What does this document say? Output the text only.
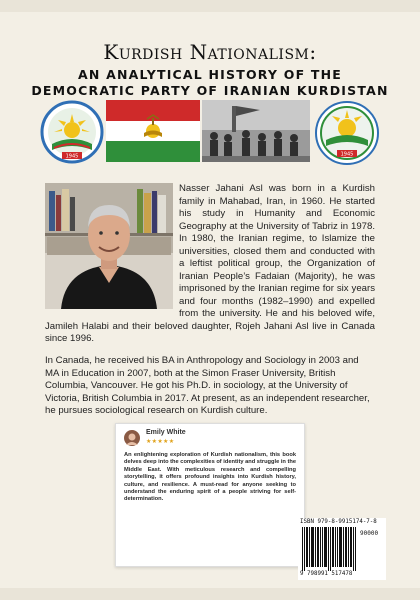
Kurdish Nationalism:
AN ANALYTICAL HISTORY OF THE
DEMOCRATIC PARTY OF IRANIAN KURDISTAN
1945	1945

Nasser Jahani Asl was born in a Kurdish family in Mahabad, Iran, in 1960. He started his study in Humanity and Economic Geography at the University of Tabriz in 1978. In 1980, the Iranian regime, to Islamize the universities, closed them and conducted with a leftist political group, the Organization of Iranian People’s Fadaian (Majority), he was imprisoned by the Iranian regime for six years and four months (1982–1990) and expelled from the university. He and his beloved wife, Jamileh Halabi and their beloved daughter, Rojeh Jahani Asl live in Canada since 1996.

In Canada, he received his BA in Anthropology and Sociology in 2003 and MA in Education in 2007, both at the Simon Fraser University, British Columbia, Vancouver. He got his Ph.D. in sociology, at the University of Victoria, British Columbia in 2017. At present, as an independent researcher, he pursues sociological research on Kurdish culture.

Emily White
★★★★★

An enlightening exploration of Kurdish nationalism, this book delves deep into the complexities of identity and struggle in the Middle East. With meticulous research and compelling storytelling, it offers profound insights into Kurdish history, culture, and resilience. A must-read for anyone seeking to understand the enduring spirit of a people striving for self-determination.

ISBN 979-8-9915174-7-8
90000
9 798991 517478
